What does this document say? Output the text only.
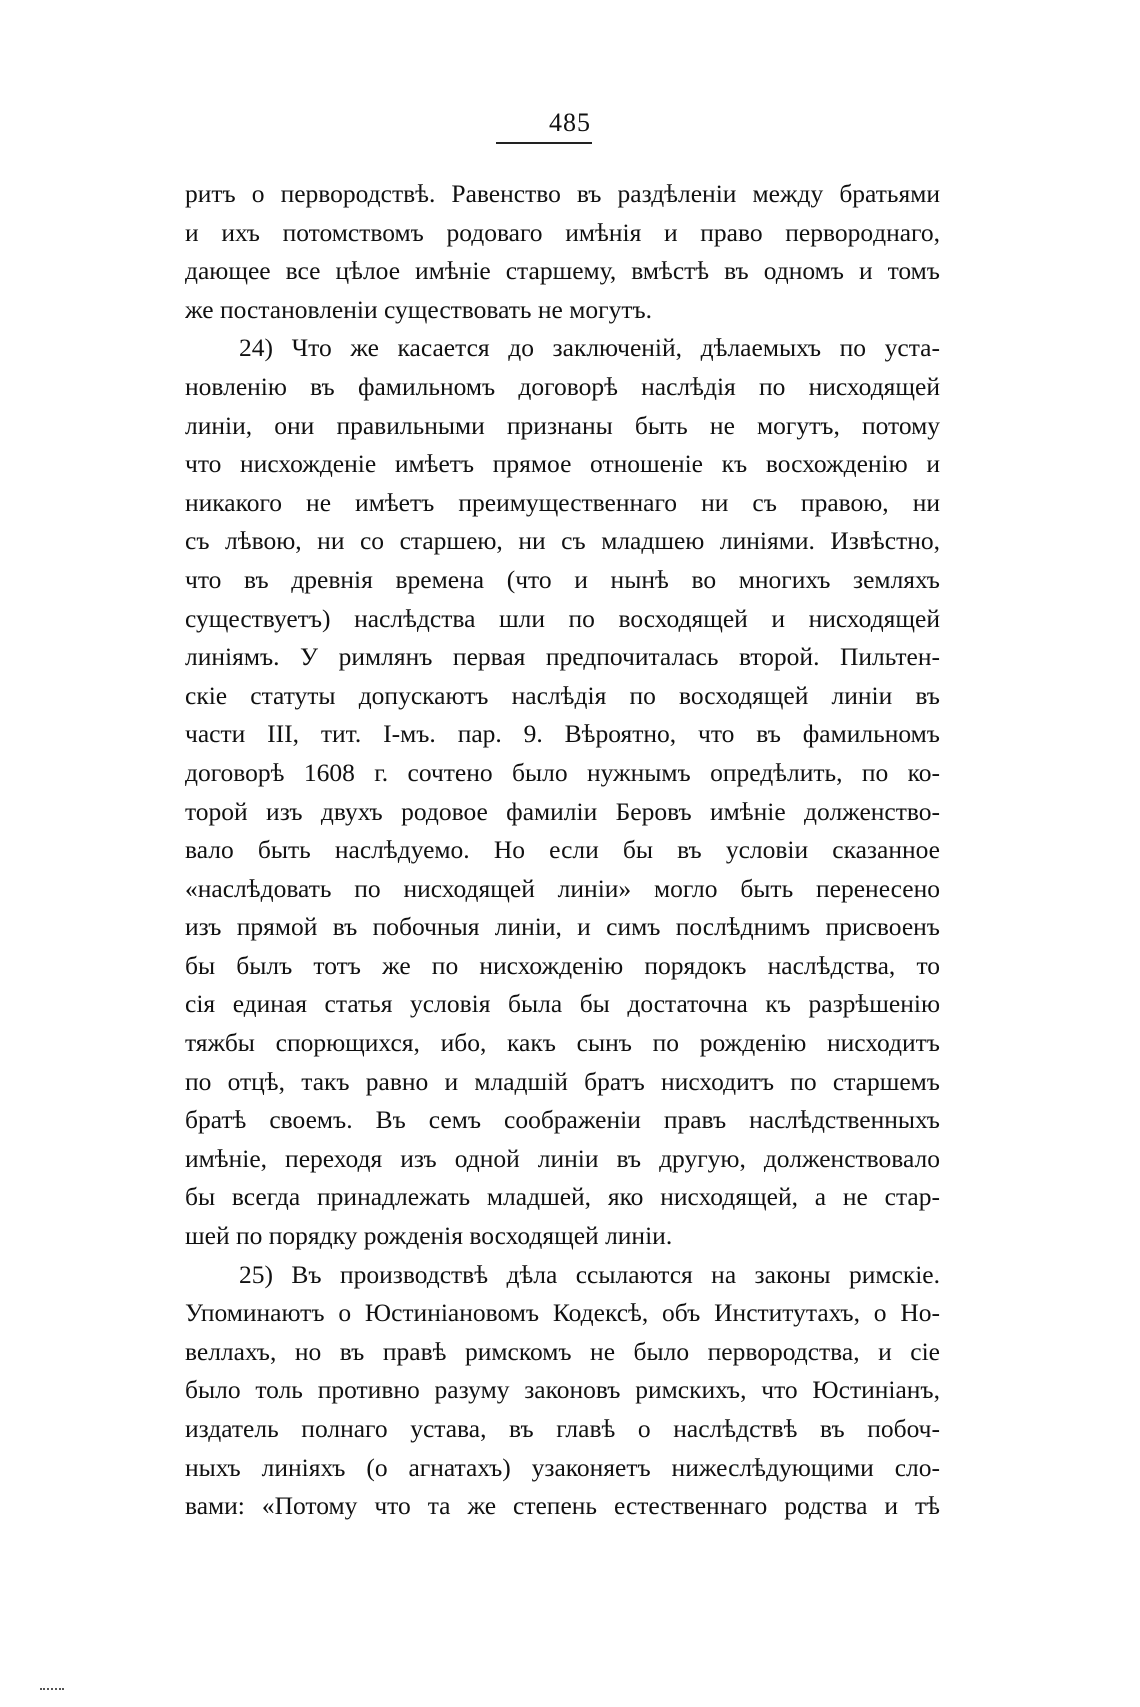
485
ритъ о первородствѣ. Равенство въ раздѣленіи между братьями
и ихъ потомствомъ родоваго имѣнія и право перворoднаго,
дающее все цѣлое имѣніе старшему, вмѣстѣ въ одномъ и томъ
же постановленіи существовать не могутъ.
24) Что же касается до заключеній, дѣлаемыхъ по уста-
новленію въ фамильномъ договорѣ наслѣдія по нисходящей
линіи, они правильными признаны быть не могутъ, потому
что нисхожденіе имѣетъ прямое отношеніе къ восхожденію и
никакого не имѣетъ преимущественнаго ни съ правою, ни
съ лѣвою, ни со старшею, ни съ младшею линіями. Извѣстно,
что въ древнія времена (что и нынѣ во многихъ земляхъ
существуетъ) наслѣдства шли по восходящей и нисходящей
линіямъ. У римлянъ первая предпочиталась второй. Пильтен-
скіе статуты допускаютъ наслѣдія по восходящей линіи въ
части III, тит. I-мъ. пар. 9. Вѣроятно, что въ фамильномъ
договорѣ 1608 г. сочтено было нужнымъ опредѣлить, по ко-
торой изъ двухъ родовое фамиліи Беровъ имѣніе долженство-
вало быть наслѣдуемо. Но если бы въ условіи сказанное
«наслѣдовать по нисходящей линіи» могло быть перенесено
изъ прямой въ побочныя линіи, и симъ послѣднимъ присвоенъ
бы былъ тотъ же по нисхожденію порядокъ наслѣдства, то
сія единая статья условія была бы достаточна къ разрѣшенію
тяжбы спорющихся, ибо, какъ сынъ по рожденію нисходитъ
по отцѣ, такъ равно и младшій братъ нисходитъ по старшемъ
братѣ своемъ. Въ семъ соображеніи правъ наслѣдственныхъ
имѣніе, переходя изъ одной линіи въ другую, долженствовало
бы всегда принадлежать младшей, яко нисходящей, а не стар-
шей по порядку рожденія восходящей линіи.
25) Въ производствѣ дѣла ссылаются на законы римскіе.
Упоминаютъ о Юстиніановомъ Кодексѣ, объ Институтахъ, о Но-
веллахъ, но въ правѣ римскомъ не было первородства, и сіе
было толь противно разуму законовъ римскихъ, что Юстиніанъ,
издатель полнаго устава, въ главѣ о наслѣдствѣ въ побоч-
ныхъ линіяхъ (о агнатахъ) узаконяетъ нижеслѣдующими сло-
вами: «Потому что та же степень естественнаго родства и тѣ
